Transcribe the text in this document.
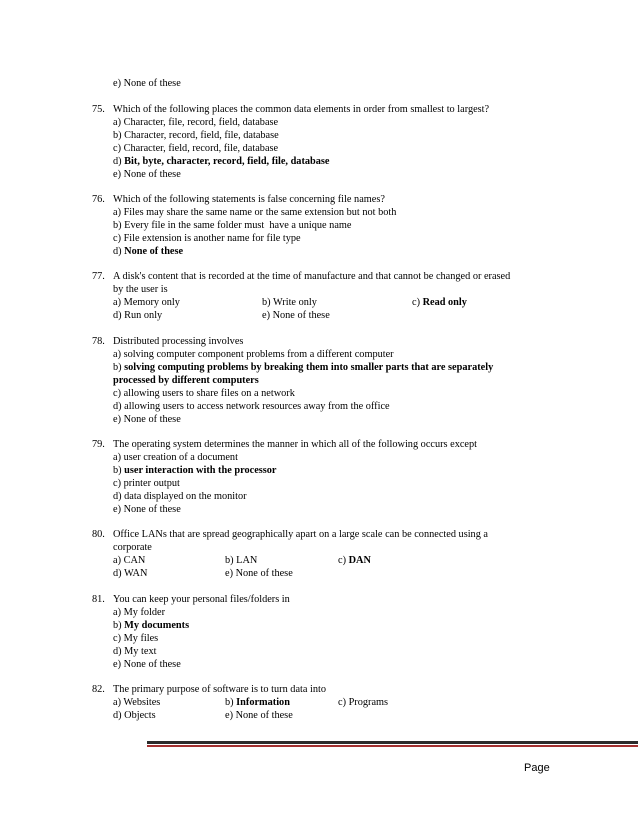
e) None of these
75. Which of the following places the common data elements in order from smallest to largest?
a) Character, file, record, field, database
b) Character, record, field, file, database
c) Character, field, record, file, database
d) Bit, byte, character, record, field, file, database
e) None of these
76. Which of the following statements is false concerning file names?
a) Files may share the same name or the same extension but not both
b) Every file in the same folder must  have a unique name
c) File extension is another name for file type
d) None of these
77. A disk's content that is recorded at the time of manufacture and that cannot be changed or erased
by the user is
a) Memory only	b) Write only	c) Read only
d) Run only	e) None of these
78. Distributed processing involves
a) solving computer component problems from a different computer
b) solving computing problems by breaking them into smaller parts that are separately
processed by different computers
c) allowing users to share files on a network
d) allowing users to access network resources away from the office
e) None of these
79. The operating system determines the manner in which all of the following occurs except
a) user creation of a document
b) user interaction with the processor
c) printer output
d) data displayed on the monitor
e) None of these
80. Office LANs that are spread geographically apart on a large scale can be connected using a
corporate
a) CAN	b) LAN	c) DAN
d) WAN	e) None of these
81. You can keep your personal files/folders in
a) My folder
b) My documents
c) My files
d) My text
e) None of these
82. The primary purpose of software is to turn data into
a) Websites	b) Information	c) Programs
d) Objects	e) None of these
Page
